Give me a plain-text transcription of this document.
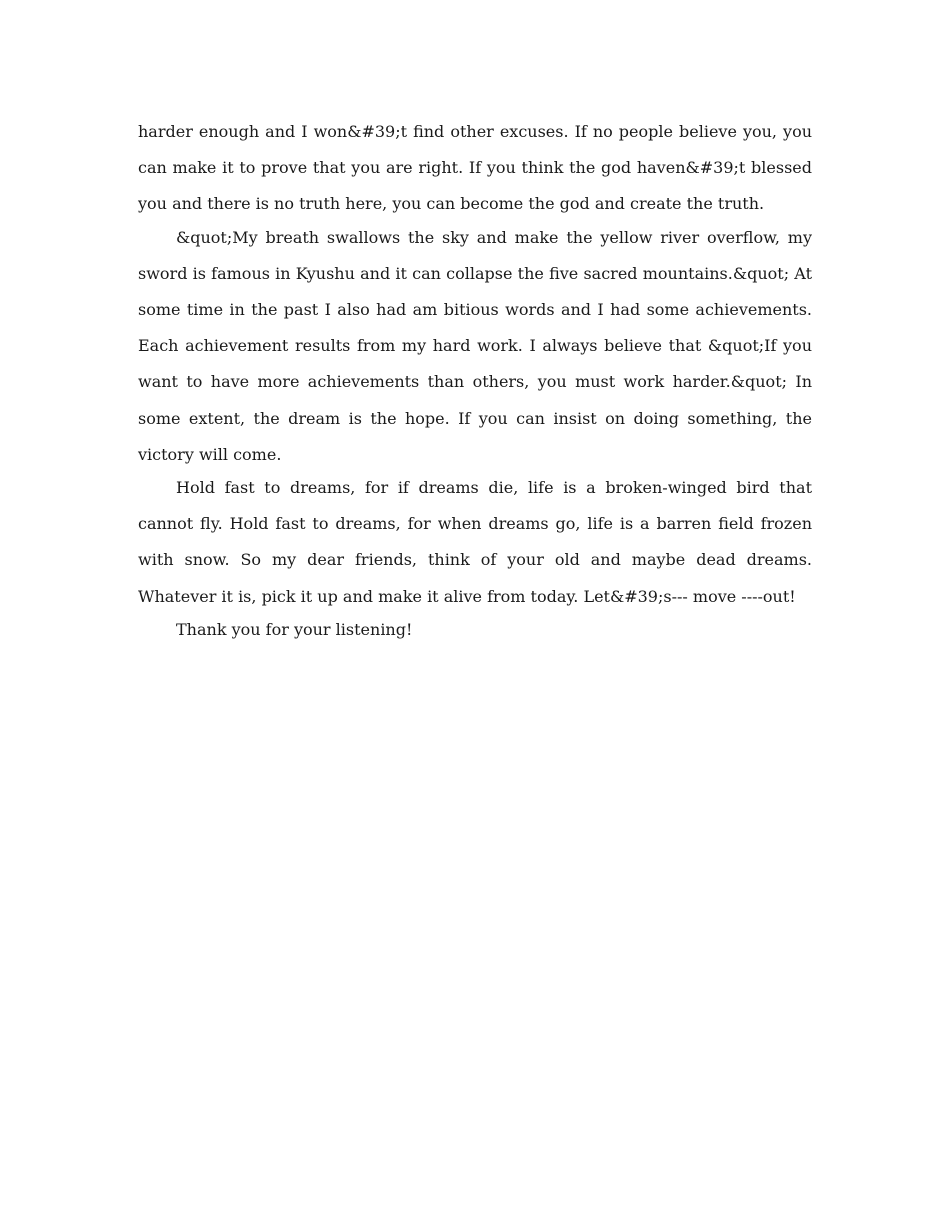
harder enough and I won&#39;t find other excuses. If no people believe you, you can make it to prove that you are right. If you think the god haven&#39;t blessed you and there is no truth here, you can become the god and create the truth.

&quot;My breath swallows the sky and make the yellow river overflow, my sword is famous in Kyushu and it can collapse the five sacred mountains.&quot; At some time in the past I also had am bitious words and I had some achievements. Each achievement results from my hard work. I always believe that &quot;If you want to have more achievements than others, you must work harder.&quot; In some extent, the dream is the hope. If you can insist on doing something, the victory will come.

Hold fast to dreams, for if dreams die, life is a broken-winged bird that cannot fly. Hold fast to dreams, for when dreams go, life is a barren field frozen with snow. So my dear friends, think of your old and maybe dead dreams. Whatever it is, pick it up and make it alive from today. Let&#39;s--- move ----out!

Thank you for your listening!
